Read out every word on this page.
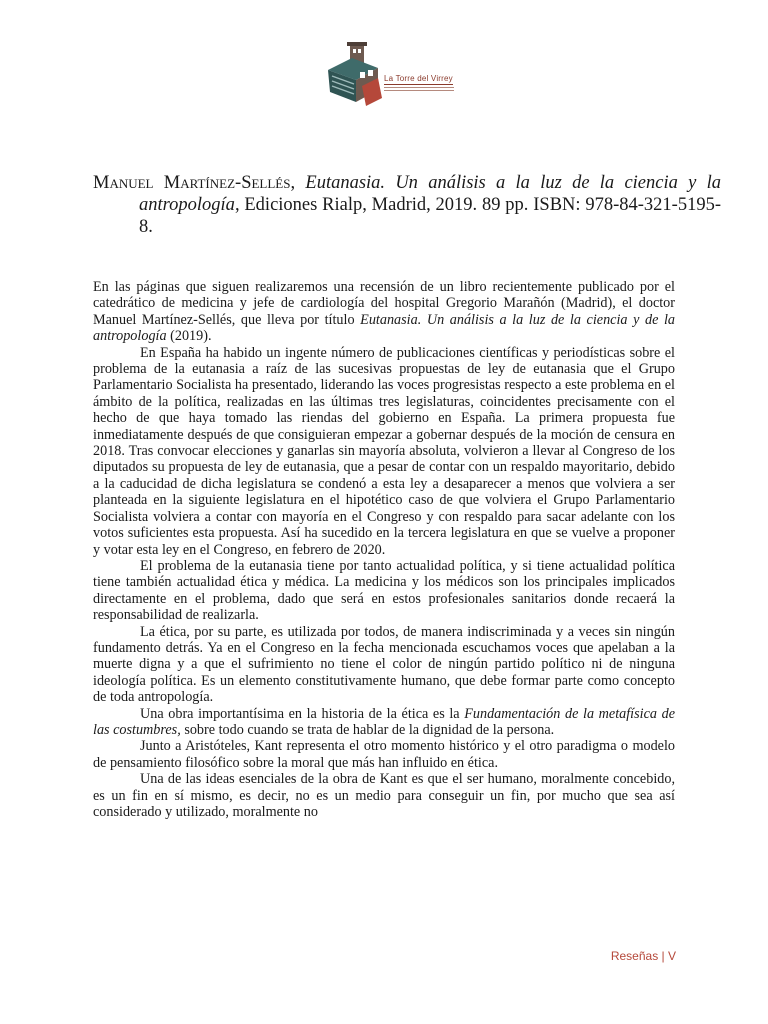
La Torre del Virrey
Manuel Martínez-Sellés, Eutanasia. Un análisis a la luz de la ciencia y la antropología, Ediciones Rialp, Madrid, 2019. 89 pp. ISBN: 978-84-321-5195-8.

En las páginas que siguen realizaremos una recensión de un libro recientemente publicado por el catedrático de medicina y jefe de cardiología del hospital Gregorio Marañón (Madrid), el doctor Manuel Martínez-Sellés, que lleva por título Eutanasia. Un análisis a la luz de la ciencia y de la antropología (2019).

En España ha habido un ingente número de publicaciones científicas y periodísticas sobre el problema de la eutanasia a raíz de las sucesivas propuestas de ley de eutanasia que el Grupo Parlamentario Socialista ha presentado, liderando las voces progresistas respecto a este problema en el ámbito de la política, realizadas en las últimas tres legislaturas, coincidentes precisamente con el hecho de que haya tomado las riendas del gobierno en España. La primera propuesta fue inmediatamente después de que consiguieran empezar a gobernar después de la moción de censura en 2018. Tras convocar elecciones y ganarlas sin mayoría absoluta, volvieron a llevar al Congreso de los diputados su propuesta de ley de eutanasia, que a pesar de contar con un respaldo mayoritario, debido a la caducidad de dicha legislatura se condenó a esta ley a desaparecer a menos que volviera a ser planteada en la siguiente legislatura en el hipotético caso de que volviera el Grupo Parlamentario Socialista volviera a contar con mayoría en el Congreso y con respaldo para sacar adelante con los votos suficientes esta propuesta. Así ha sucedido en la tercera legislatura en que se vuelve a proponer y votar esta ley en el Congreso, en febrero de 2020.

El problema de la eutanasia tiene por tanto actualidad política, y si tiene actualidad política tiene también actualidad ética y médica. La medicina y los médicos son los principales implicados directamente en el problema, dado que será en estos profesionales sanitarios donde recaerá la responsabilidad de realizarla.

La ética, por su parte, es utilizada por todos, de manera indiscriminada y a veces sin ningún fundamento detrás. Ya en el Congreso en la fecha mencionada escuchamos voces que apelaban a la muerte digna y a que el sufrimiento no tiene el color de ningún partido político ni de ninguna ideología política. Es un elemento constitutivamente humano, que debe formar parte como concepto de toda antropología.

Una obra importantísima en la historia de la ética es la Fundamentación de la metafísica de las costumbres, sobre todo cuando se trata de hablar de la dignidad de la persona.

Junto a Aristóteles, Kant representa el otro momento histórico y el otro paradigma o modelo de pensamiento filosófico sobre la moral que más han influido en ética.

Una de las ideas esenciales de la obra de Kant es que el ser humano, moralmente concebido, es un fin en sí mismo, es decir, no es un medio para conseguir un fin, por mucho que sea así considerado y utilizado, moralmente no

Reseñas | V
